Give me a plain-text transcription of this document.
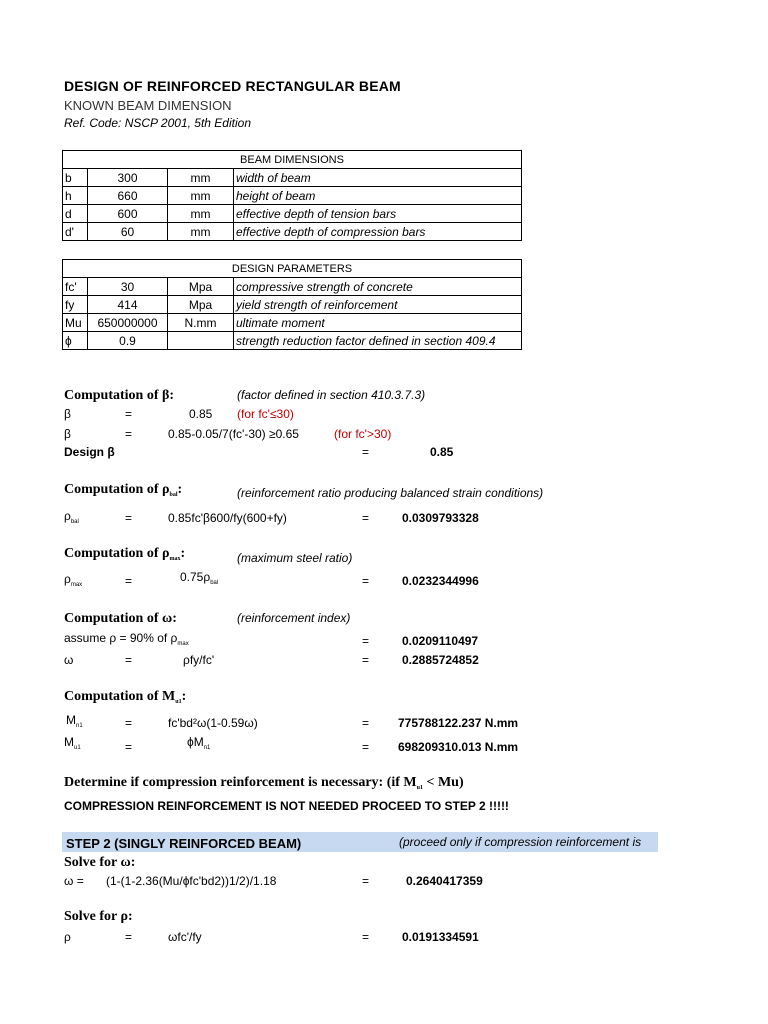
DESIGN OF REINFORCED RECTANGULAR BEAM
KNOWN BEAM DIMENSION
Ref. Code: NSCP 2001, 5th Edition
BEAM DIMENSIONS			
b	300	mm	width of beam
h	660	mm	height of beam
d	600	mm	effective depth of tension bars
d'	60	mm	effective depth of compression bars
DESIGN PARAMETERS			
fc'	30	Mpa	compressive strength of concrete
fy	414	Mpa	yield strength of reinforcement
Mu	650000000	N.mm	ultimate moment
ϕ	0.9		strength reduction factor defined in section 409.4
Computation of β:	(factor defined in section 410.3.7.3)
β	=	0.85 (for fc'≤30)
β	=	0.85-0.05/7(fc'-30) ≥0.65	(for fc'>30)
Design β	=	0.85
Computation of $\rho_{bal}$:	(reinforcement ratio producing balanced strain conditions)
$\rho_{bal}$	=	0.85fc'β600/fy(600+fy)	=	0.0309793328
Computation of $\rho_{max}$:	(maximum steel ratio)
$\rho_{max}$	=	$0.75\rho_{bal}$	=	0.0232344996
Computation of ω:	(reinforcement index)
assume ρ = 90% of $\rho_{max}$	=	0.0209110497
ω	=	ρfy/fc'	=	0.2885724852
Computation of $M_{u1}$:
$M_{n1}$	=	fc'bd²ω(1-0.59ω)	= 775788122.237 N.mm
$M_{u1}$	=	$\phi M_{n1}$	= 698209310.013 N.mm
Determine if compression reinforcement is necessary: (if $M_{u1} < Mu$)
COMPRESSION REINFORCEMENT IS NOT NEEDED PROCEED TO STEP 2 !!!!!
STEP 2 (SINGLY REINFORCED BEAM)	(proceed only if compression reinforcement is
Solve for ω:
ω = (1-(1-2.36(Mu/ϕfc'bd2))1/2)/1.18	=	0.2640417359
Solve for ρ:
ρ	=	ωfc'/fy	=	0.0191334591
